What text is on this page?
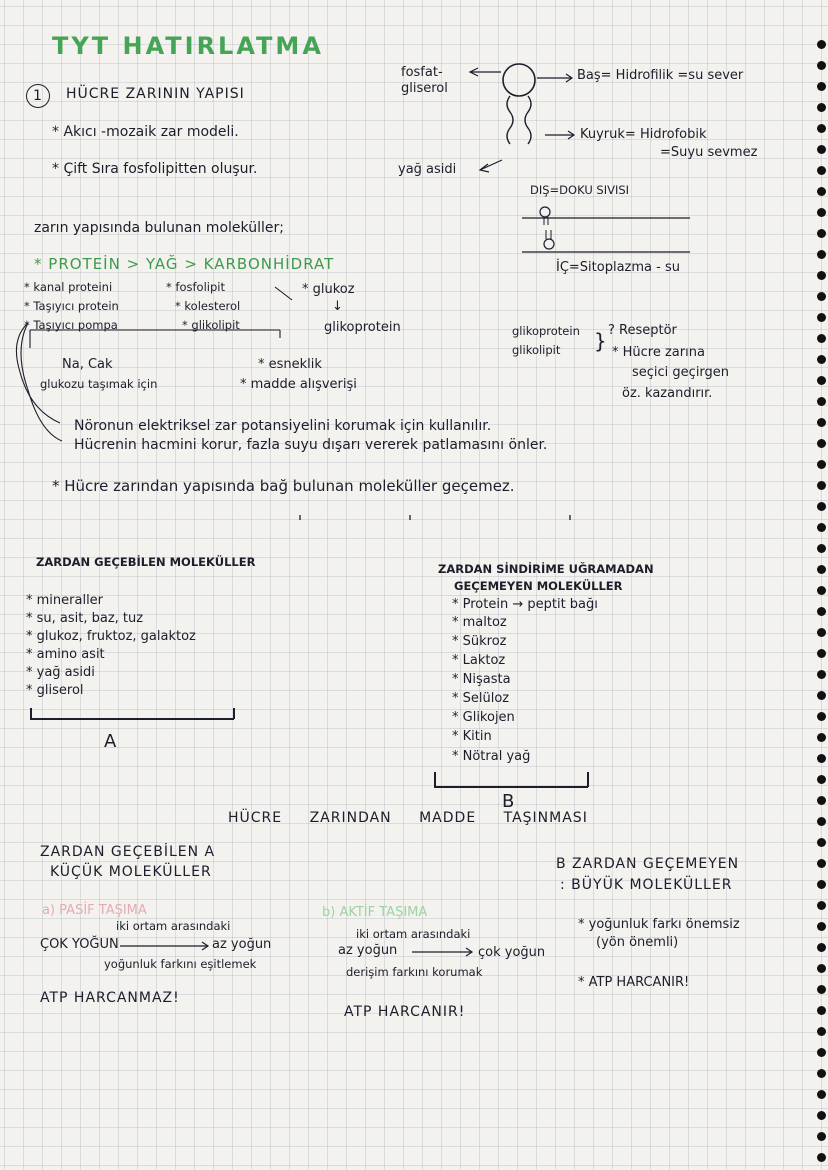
TYT HATIRLATMA
1	HÜCRE ZARININ YAPISI
* Akıcı -mozaik zar modeli.
* Çift Sıra fosfolipitten oluşur.
fosfat-
gliserol
yağ asidi
Baş= Hidrofilik =su sever
Kuyruk= Hidrofobik
=Suyu sevmez
DIŞ=DOKU SIVISI
İÇ=Sitoplazma - su
zarın yapısında bulunan moleküller;
* PROTEİN > YAĞ > KARBONHİDRAT
* kanal proteini
* Taşıyıcı protein
* Taşıyıcı pompa
* fosfolipit
* kolesterol
* glikolipit
* glukoz
↓
glikoprotein
Na, Cak
glukozu taşımak için
* esneklik
* madde alışverişi
glikoprotein
glikolipit } ? Reseptör
* Hücre zarına
seçici geçirgen
öz. kazandırır.
Nöronun elektriksel zar potansiyelini korumak için kullanılır.
Hücrenin hacmini korur, fazla suyu dışarı vererek patlamasını önler.
* Hücre zarından yapısında bağ bulunan moleküller geçemez.
ZARDAN GEÇEBİLEN MOLEKÜLLER
* mineraller
* su, asit, baz, tuz
* glukoz, fruktoz, galaktoz
* amino asit
* yağ asidi
* gliserol
A
ZARDAN SİNDİRİME UĞRAMADAN
GEÇEMEYEN MOLEKÜLLER
* Protein → peptit bağı
* maltoz
* Sükroz
* Laktoz
* Nişasta
* Selüloz
* Glikojen
* Kitin
* Nötral yağ
B
HÜCRE ZARINDAN MADDE TAŞINMASI
ZARDAN GEÇEBİLEN A
KÜÇÜK MOLEKÜLLER	B ZARDAN GEÇEMEYEN
: BÜYÜK MOLEKÜLLER
a) PASİF TAŞIMA
iki ortam arasındaki
ÇOK YOĞUN	az yoğun
yoğunluk farkını eşitlemek
ATP HARCANMAZ!
b) AKTİF TAŞIMA
iki ortam arasındaki
az yoğun	çok yoğun
derişim farkını korumak
ATP HARCANIR!
* yoğunluk farkı önemsiz
(yön önemli)
* ATP HARCANIR!
